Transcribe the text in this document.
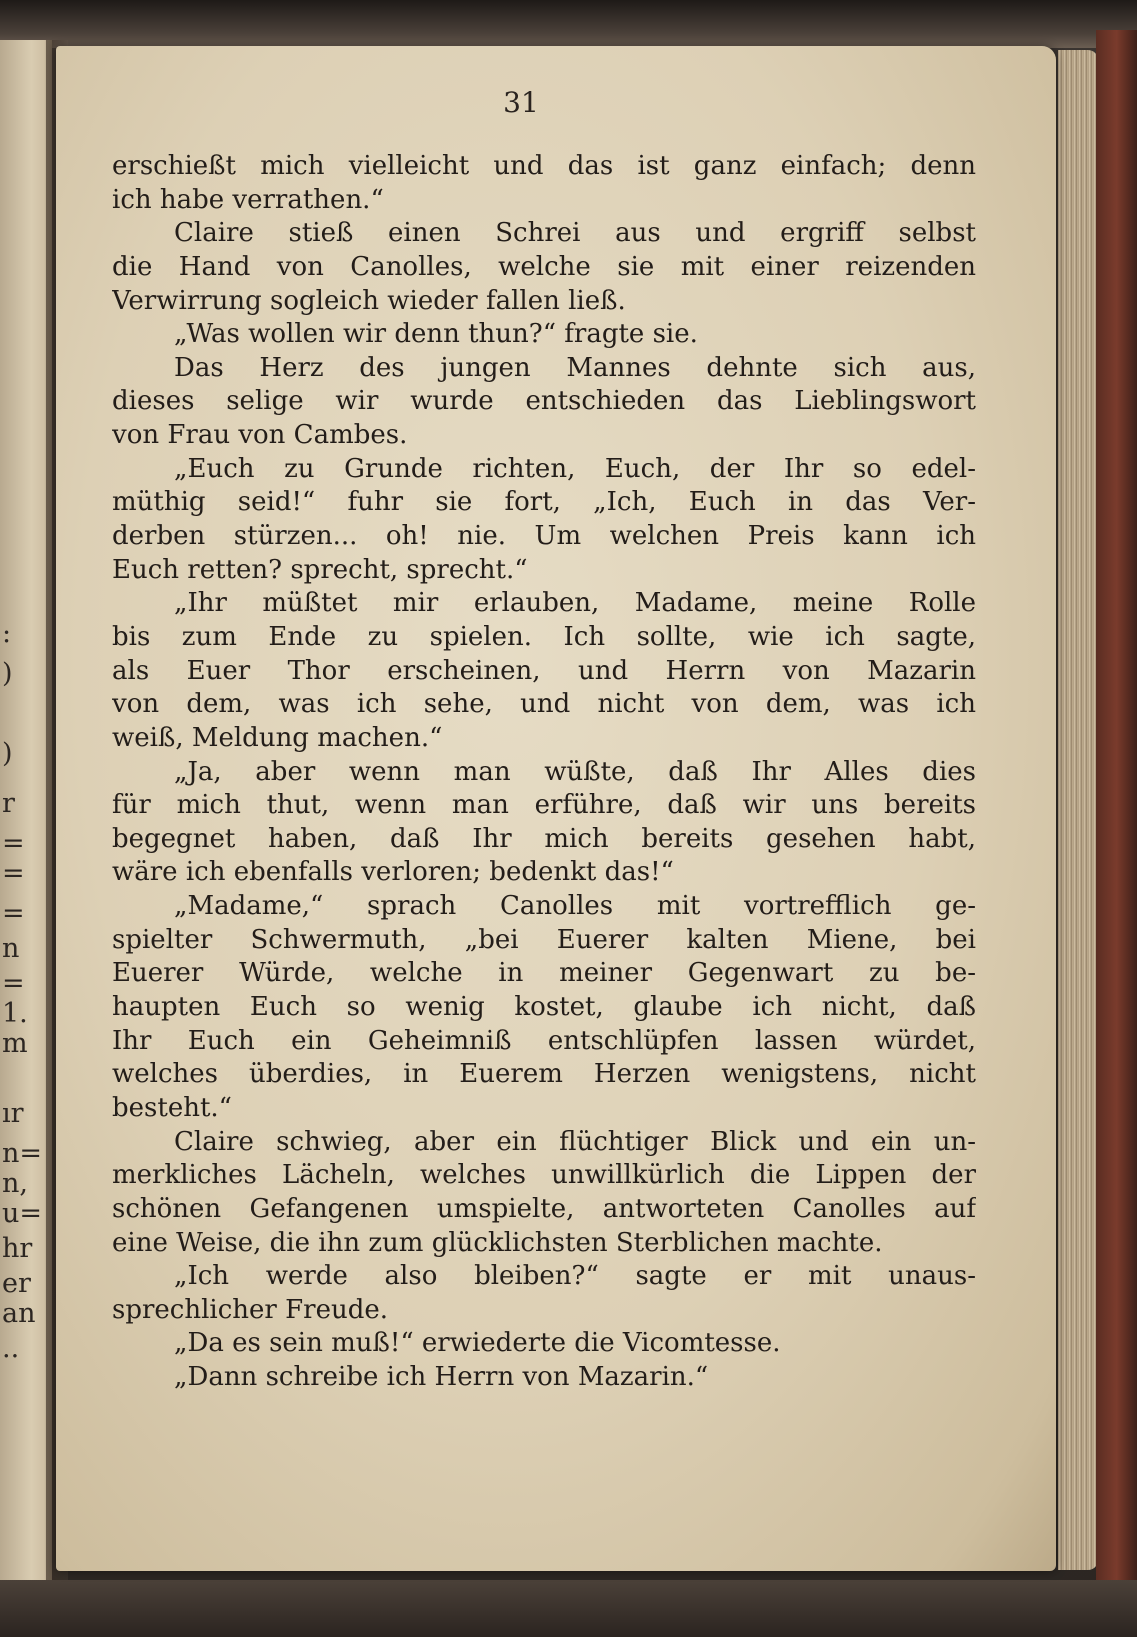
:
)
)
r
=
=
=
n
=
1.
m
ır
n=
n,
u=
hr
er
an
..
31
erschießt mich vielleicht und das ist ganz einfach; denn
ich habe verrathen.“
Claire stieß einen Schrei aus und ergriff selbst
die Hand von Canolles, welche sie mit einer reizenden
Verwirrung sogleich wieder fallen ließ.
„Was wollen wir denn thun?“ fragte sie.
Das Herz des jungen Mannes dehnte sich aus,
dieses selige wir wurde entschieden das Lieblingswort
von Frau von Cambes.
„Euch zu Grunde richten, Euch, der Ihr so edel-
müthig seid!“ fuhr sie fort, „Ich, Euch in das Ver-
derben stürzen... oh! nie. Um welchen Preis kann ich
Euch retten? sprecht, sprecht.“
„Ihr müßtet mir erlauben, Madame, meine Rolle
bis zum Ende zu spielen. Ich sollte, wie ich sagte,
als Euer Thor erscheinen, und Herrn von Mazarin
von dem, was ich sehe, und nicht von dem, was ich
weiß, Meldung machen.“
„Ja, aber wenn man wüßte, daß Ihr Alles dies
für mich thut, wenn man erführe, daß wir uns bereits
begegnet haben, daß Ihr mich bereits gesehen habt,
wäre ich ebenfalls verloren; bedenkt das!“
„Madame,“ sprach Canolles mit vortrefflich ge-
spielter Schwermuth, „bei Euerer kalten Miene, bei
Euerer Würde, welche in meiner Gegenwart zu be-
haupten Euch so wenig kostet, glaube ich nicht, daß
Ihr Euch ein Geheimniß entschlüpfen lassen würdet,
welches überdies, in Euerem Herzen wenigstens, nicht
besteht.“
Claire schwieg, aber ein flüchtiger Blick und ein un-
merkliches Lächeln, welches unwillkürlich die Lippen der
schönen Gefangenen umspielte, antworteten Canolles auf
eine Weise, die ihn zum glücklichsten Sterblichen machte.
„Ich werde also bleiben?“ sagte er mit unaus-
sprechlicher Freude.
„Da es sein muß!“ erwiederte die Vicomtesse.
„Dann schreibe ich Herrn von Mazarin.“
